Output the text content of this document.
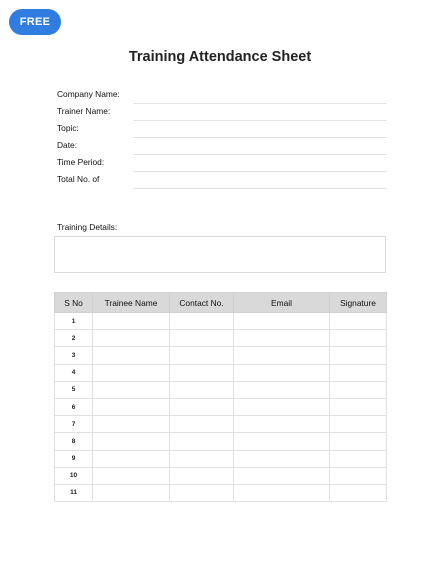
FREE
Training Attendance Sheet
Company Name:
Trainer Name:
Topic:
Date:
Time Period:
Total No. of
Training Details:
S No	Trainee Name	Contact No.	Email	Signature
1				
2				
3				
4				
5				
6				
7				
8				
9				
10				
11				
